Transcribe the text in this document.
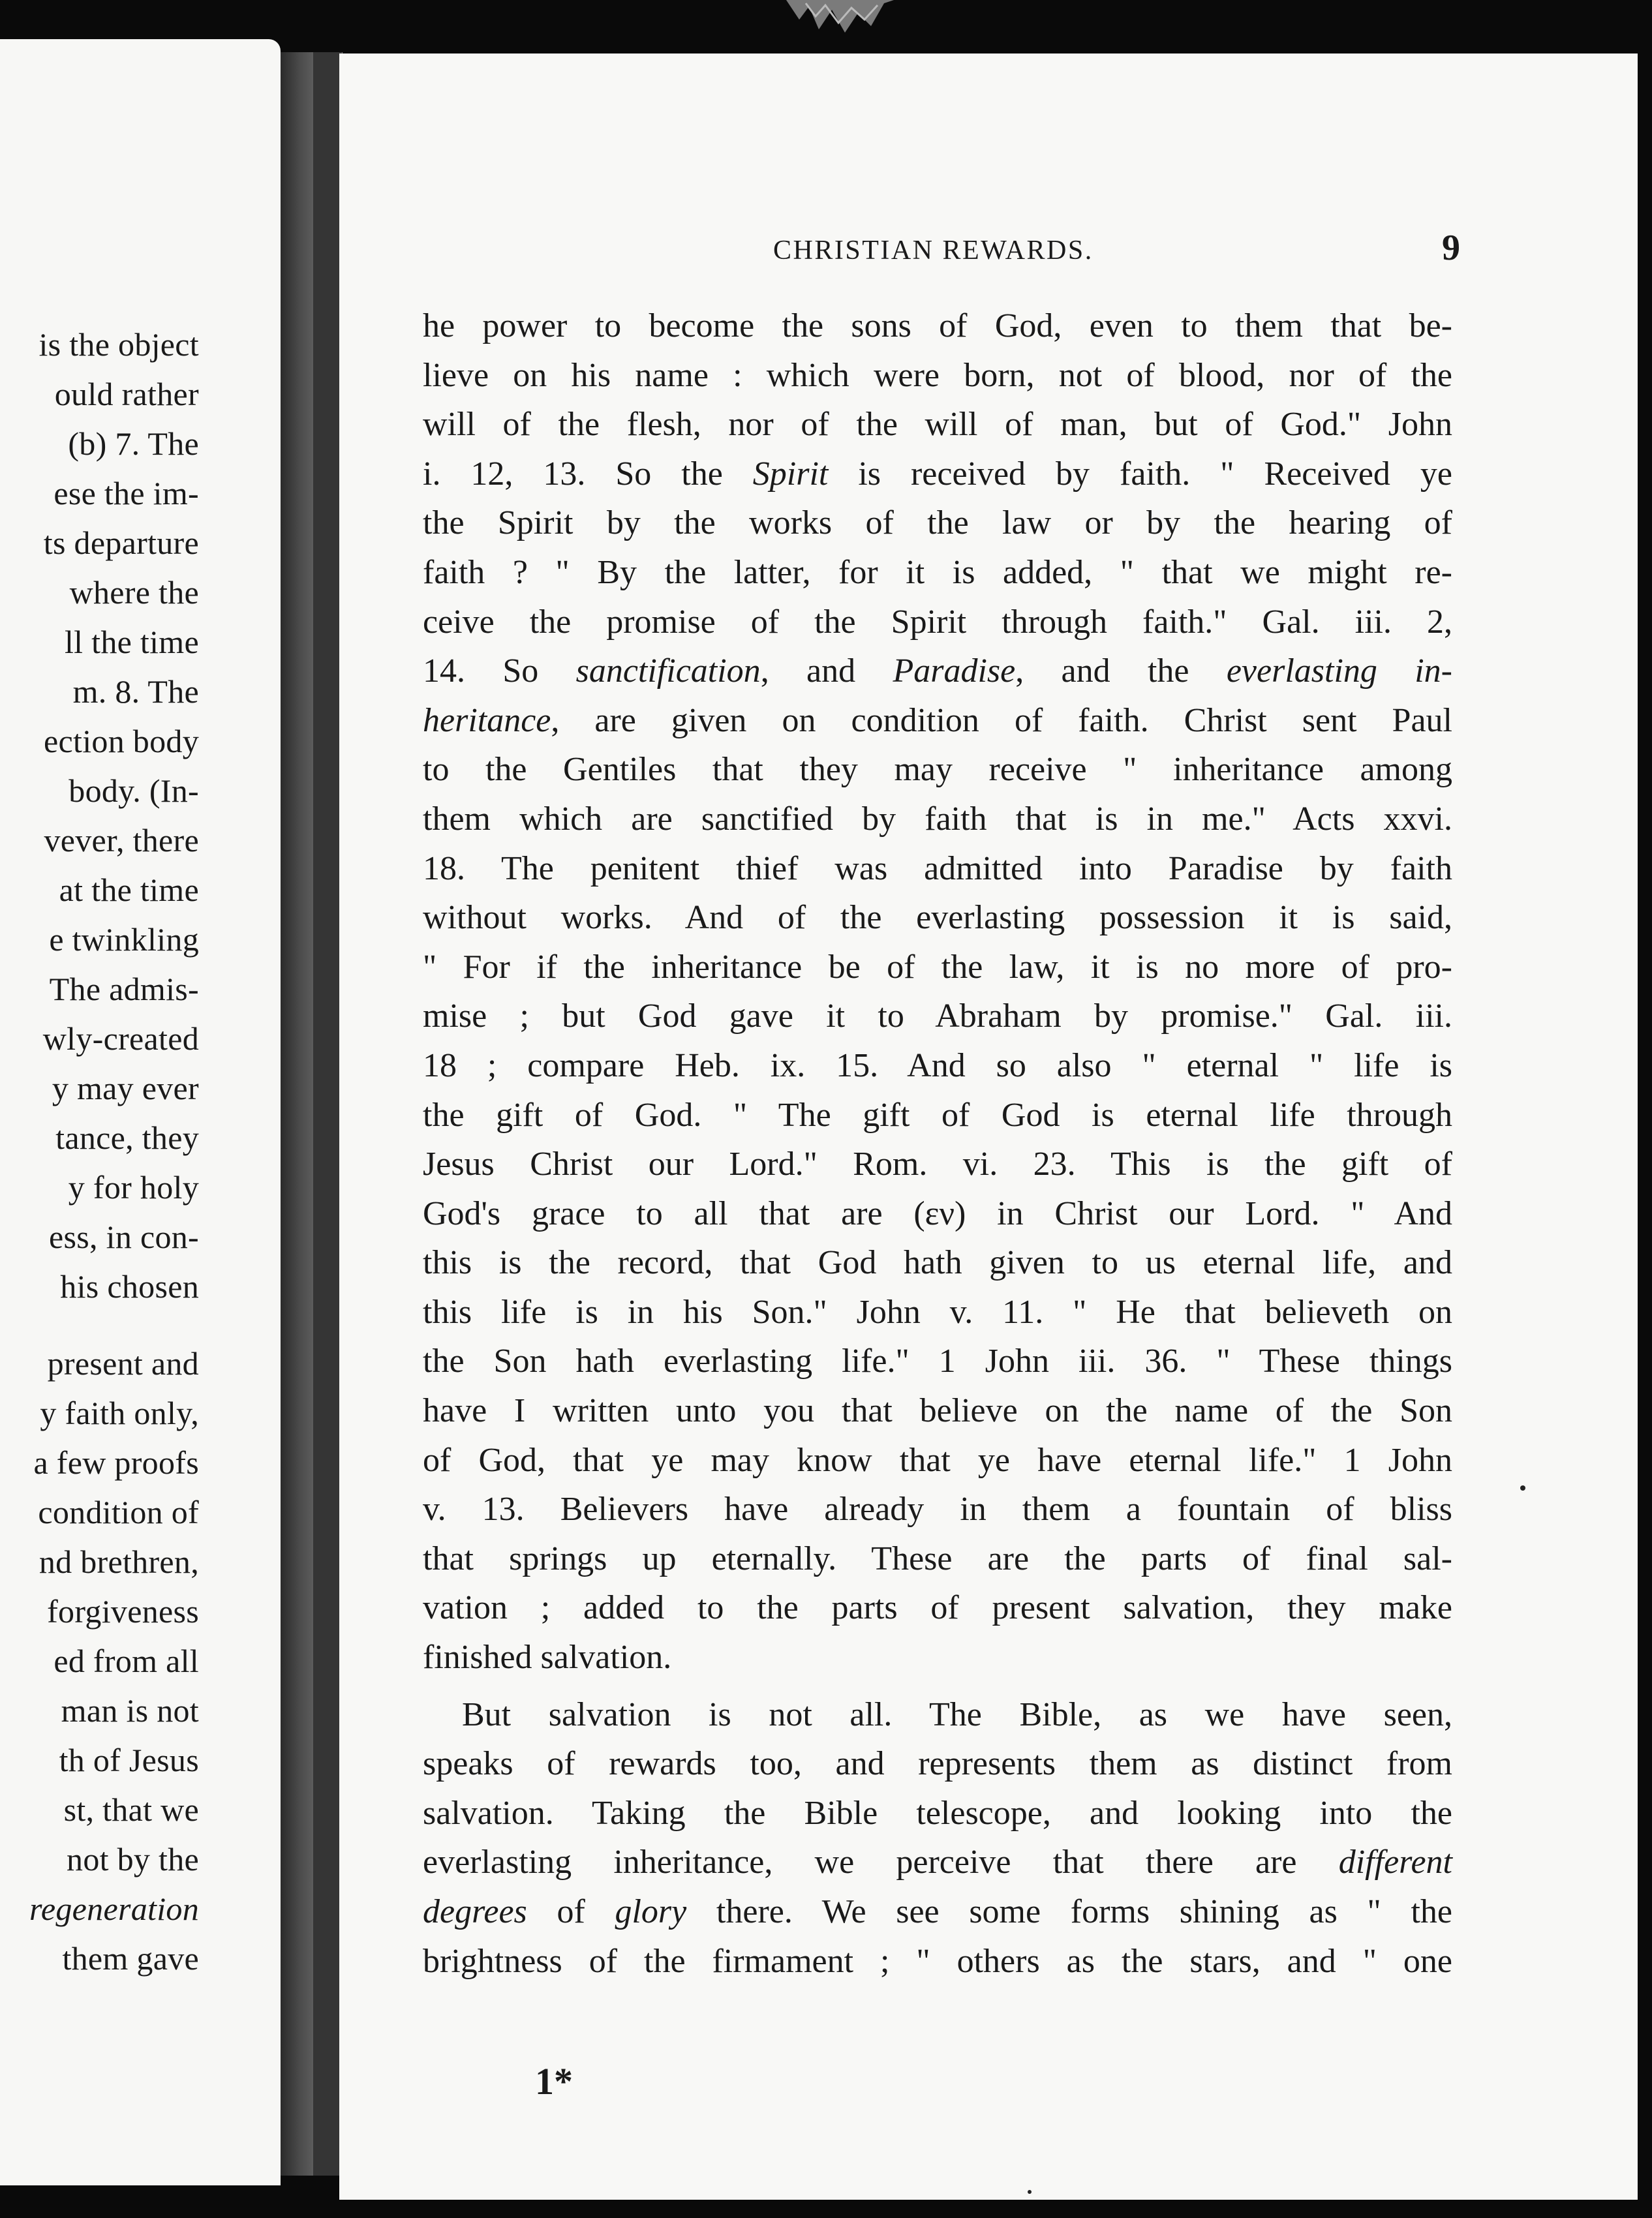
is the object
ould rather
(b) 7. The
ese the im-
ts departure
where the
ll the time
m. 8. The
ection body
body. (In-
vever, there
at the time
e twinkling
The admis-
wly-created
y may ever
tance, they
y for holy
ess, in con-
his chosen
present and
y faith only,
a few proofs
condition of
nd brethren,
forgiveness
ed from all
man is not
th of Jesus
st, that we
not by the
regeneration
them gave
CHRISTIAN REWARDS.	9
he power to become the sons of God, even to them that be-
lieve on his name : which were born, not of blood, nor of the
will of the flesh, nor of the will of man, but of God." John
i. 12, 13. So the Spirit is received by faith. " Received ye
the Spirit by the works of the law or by the hearing of
faith ? " By the latter, for it is added, " that we might re-
ceive the promise of the Spirit through faith." Gal. iii. 2,
14. So sanctification, and Paradise, and the everlasting in-
heritance, are given on condition of faith. Christ sent Paul
to the Gentiles that they may receive " inheritance among
them which are sanctified by faith that is in me." Acts xxvi.
18. The penitent thief was admitted into Paradise by faith
without works. And of the everlasting possession it is said,
" For if the inheritance be of the law, it is no more of pro-
mise ; but God gave it to Abraham by promise." Gal. iii.
18 ; compare Heb. ix. 15. And so also " eternal " life is
the gift of God. " The gift of God is eternal life through
Jesus Christ our Lord." Rom. vi. 23. This is the gift of
God's grace to all that are (εν) in Christ our Lord. " And
this is the record, that God hath given to us eternal life, and
this life is in his Son." John v. 11. " He that believeth on
the Son hath everlasting life." 1 John iii. 36. " These things
have I written unto you that believe on the name of the Son
of God, that ye may know that ye have eternal life." 1 John
v. 13. Believers have already in them a fountain of bliss
that springs up eternally. These are the parts of final sal-
vation ; added to the parts of present salvation, they make
finished salvation.
But salvation is not all. The Bible, as we have seen,
speaks of rewards too, and represents them as distinct from
salvation. Taking the Bible telescope, and looking into the
everlasting inheritance, we perceive that there are different
degrees of glory there. We see some forms shining as " the
brightness of the firmament ; " others as the stars, and " one
1*
